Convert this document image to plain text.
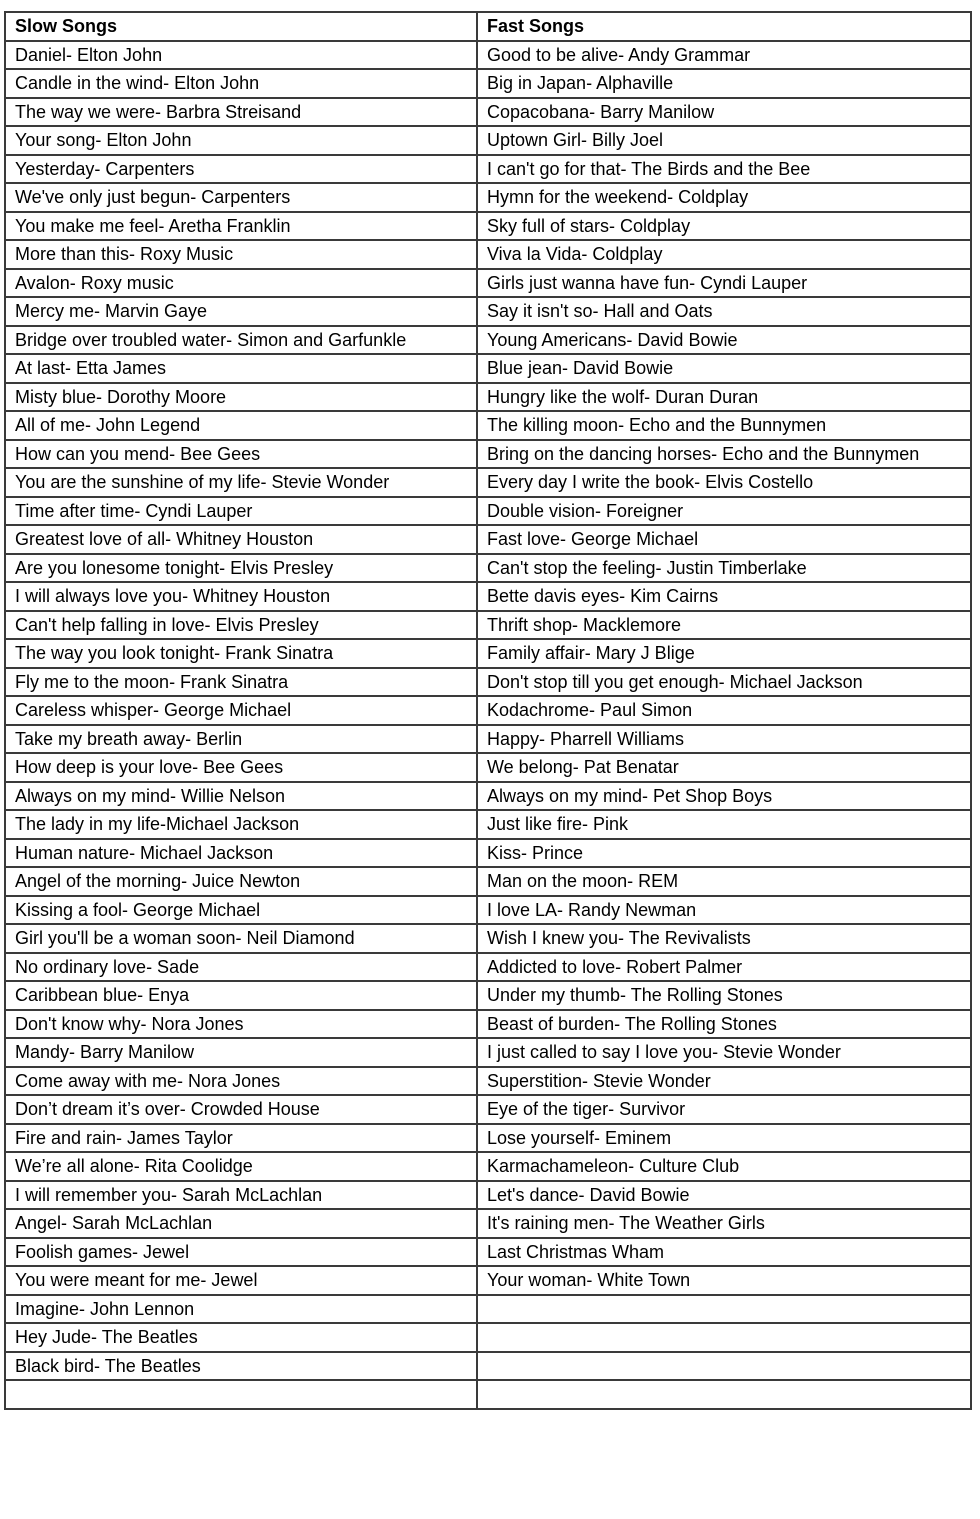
Slow Songs	Fast Songs
Daniel- Elton John	Good to be alive- Andy Grammar
Candle in the wind- Elton John	Big in Japan- Alphaville
The way we were- Barbra Streisand	Copacobana- Barry Manilow
Your song- Elton John	Uptown Girl- Billy Joel
Yesterday- Carpenters	I can't go for that- The Birds and the Bee
We've only just begun- Carpenters	Hymn for the weekend- Coldplay
You make me feel- Aretha Franklin	Sky full of stars- Coldplay
More than this- Roxy Music	Viva la Vida- Coldplay
Avalon- Roxy music	Girls just wanna have fun- Cyndi Lauper
Mercy me- Marvin Gaye	Say it isn't so- Hall and Oats
Bridge over troubled water- Simon and Garfunkle	Young Americans- David Bowie
At last- Etta James	Blue jean- David Bowie
Misty blue- Dorothy Moore	Hungry like the wolf- Duran Duran
All of me- John Legend	The killing moon- Echo and the Bunnymen
How can you mend- Bee Gees	Bring on the dancing horses- Echo and the Bunnymen
You are the sunshine of my life- Stevie Wonder	Every day I write the book- Elvis Costello
Time after time- Cyndi Lauper	Double vision- Foreigner
Greatest love of all- Whitney Houston	Fast love- George Michael
Are you lonesome tonight- Elvis Presley	Can't stop the feeling- Justin Timberlake
I will always love you- Whitney Houston	Bette davis eyes- Kim Cairns
Can't help falling in love- Elvis Presley	Thrift shop- Macklemore
The way you look tonight- Frank Sinatra	Family affair- Mary J Blige
Fly me to the moon- Frank Sinatra	Don't stop till you get enough- Michael Jackson
Careless whisper- George Michael	Kodachrome- Paul Simon
Take my breath away- Berlin	Happy- Pharrell Williams
How deep is your love- Bee Gees	We belong- Pat Benatar
Always on my mind- Willie Nelson	Always on my mind- Pet Shop Boys
The lady in my life-Michael Jackson	Just like fire- Pink
Human nature- Michael Jackson	Kiss- Prince
Angel of the morning- Juice Newton	Man on the moon- REM
Kissing a fool- George Michael	I love LA- Randy Newman
Girl you'll be a woman soon- Neil Diamond	Wish I knew you- The Revivalists
No ordinary love- Sade	Addicted to love- Robert Palmer
Caribbean blue- Enya	Under my thumb- The Rolling Stones
Don't know why- Nora Jones	Beast of burden- The Rolling Stones
Mandy- Barry Manilow	I just called to say I love you- Stevie Wonder
Come away with me- Nora Jones	Superstition- Stevie Wonder
Don’t dream it’s over- Crowded House	Eye of the tiger- Survivor
Fire and rain- James Taylor	Lose yourself- Eminem
We’re all alone- Rita Coolidge	Karmachameleon- Culture Club
I will remember you- Sarah McLachlan	Let's dance- David Bowie
Angel- Sarah McLachlan	It's raining men- The Weather Girls
Foolish games- Jewel	Last Christmas Wham
You were meant for me- Jewel	Your woman- White Town
Imagine- John Lennon	
Hey Jude- The Beatles	
Black bird- The Beatles	
